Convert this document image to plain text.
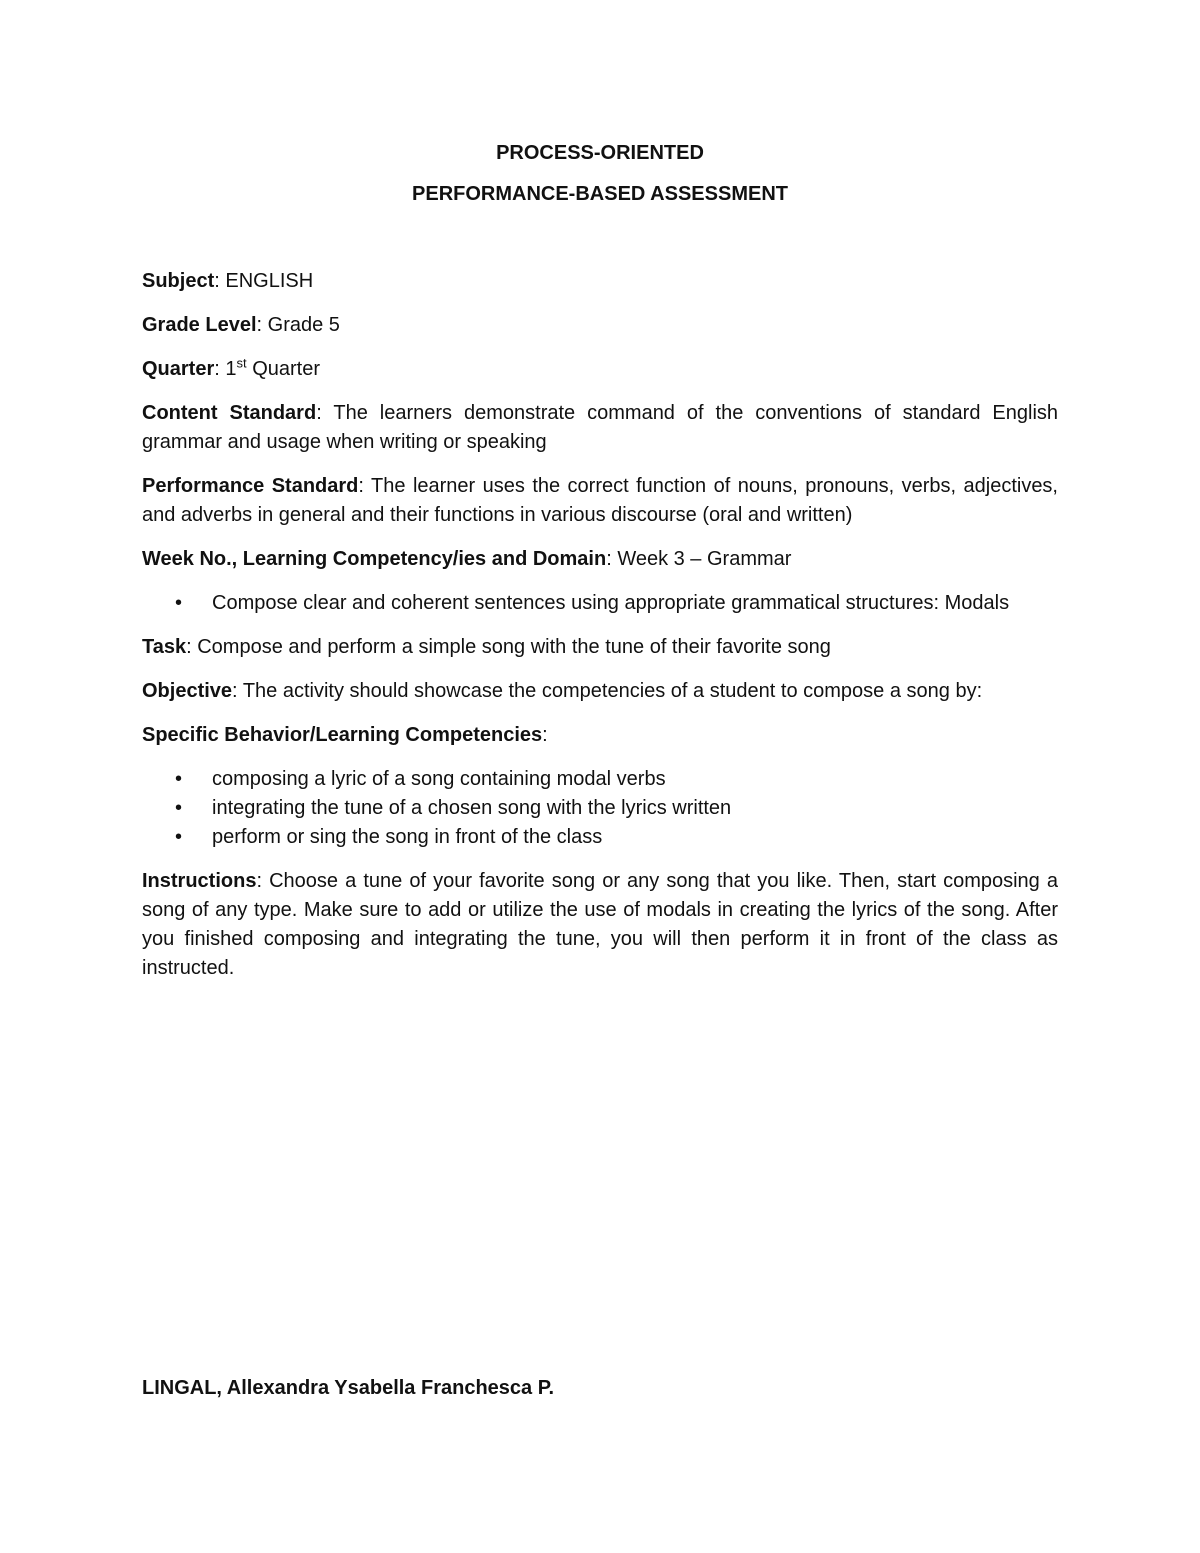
PROCESS-ORIENTED
PERFORMANCE-BASED ASSESSMENT

Subject: ENGLISH

Grade Level: Grade 5

Quarter: 1st Quarter

Content Standard: The learners demonstrate command of the conventions of standard English grammar and usage when writing or speaking

Performance Standard: The learner uses the correct function of nouns, pronouns, verbs, adjectives, and adverbs in general and their functions in various discourse (oral and written)

Week No., Learning Competency/ies and Domain: Week 3 – Grammar

• Compose clear and coherent sentences using appropriate grammatical structures: Modals

Task: Compose and perform a simple song with the tune of their favorite song

Objective: The activity should showcase the competencies of a student to compose a song by:

Specific Behavior/Learning Competencies:

• composing a lyric of a song containing modal verbs
• integrating the tune of a chosen song with the lyrics written
• perform or sing the song in front of the class

Instructions: Choose a tune of your favorite song or any song that you like. Then, start composing a song of any type. Make sure to add or utilize the use of modals in creating the lyrics of the song. After you finished composing and integrating the tune, you will then perform it in front of the class as instructed.

LINGAL, Allexandra Ysabella Franchesca P.
